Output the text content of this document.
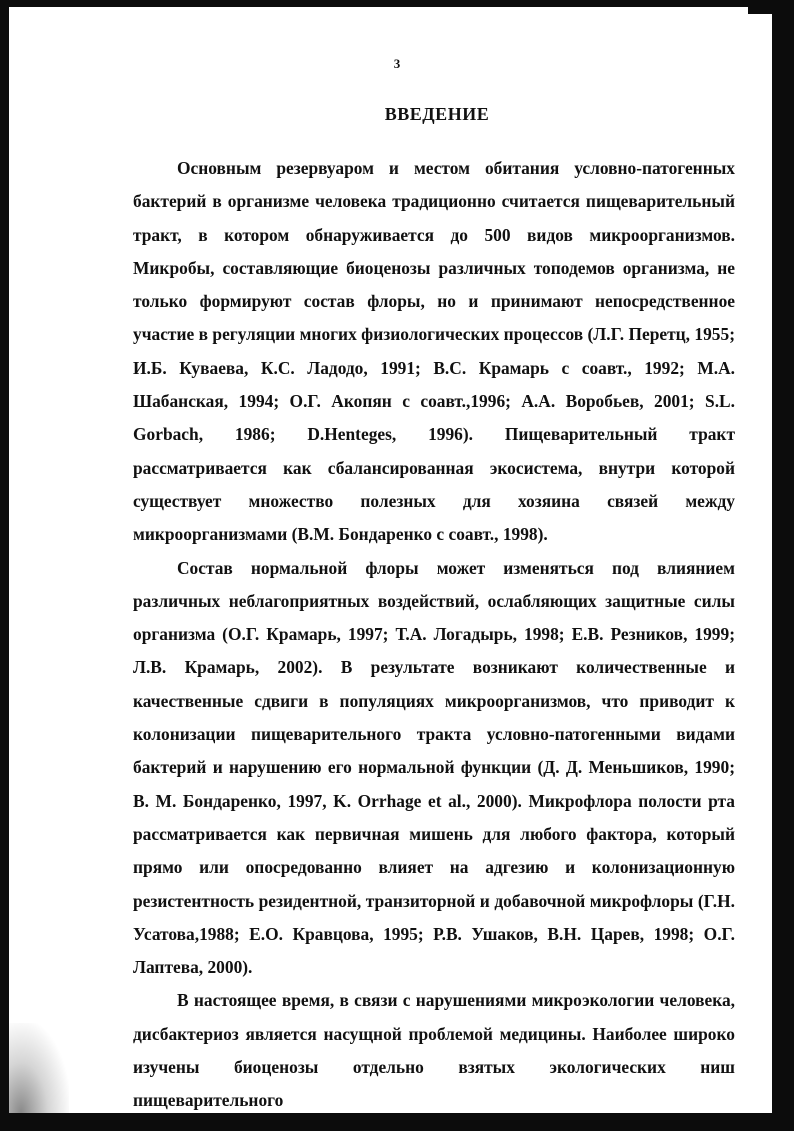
3
ВВЕДЕНИЕ

Основным резервуаром и местом обитания условно-патогенных бактерий в организме человека традиционно считается пищеварительный тракт, в котором обнаруживается до 500 видов микроорганизмов. Микробы, составляющие биоценозы различных топодемов организма, не только формируют состав флоры, но и принимают непосредственное участие в регуляции многих физиологических процессов (Л.Г. Перетц, 1955; И.Б. Куваева, К.С. Ладодо, 1991; В.С. Крамарь с соавт., 1992; М.А. Шабанская, 1994; О.Г. Акопян с соавт.,1996; А.А. Воробьев, 2001; S.L. Gorbach, 1986; D.Henteges, 1996). Пищеварительный тракт рассматривается как сбалансированная экосистема, внутри которой существует множество полезных для хозяина связей между микроорганизмами (В.М. Бондаренко с соавт., 1998).

Состав нормальной флоры может изменяться под влиянием различных неблагоприятных воздействий, ослабляющих защитные силы организма (О.Г. Крамарь, 1997; Т.А. Логадырь, 1998; Е.В. Резников, 1999; Л.В. Крамарь, 2002). В результате возникают количественные и качественные сдвиги в популяциях микроорганизмов, что приводит к колонизации пищеварительного тракта условно-патогенными видами бактерий и нарушению его нормальной функции (Д. Д. Меньшиков, 1990; В. М. Бондаренко, 1997, K. Orrhage et al., 2000). Микрофлора полости рта рассматривается как первичная мишень для любого фактора, который прямо или опосредованно влияет на адгезию и колонизационную резистентность резидентной, транзиторной и добавочной микрофлоры (Г.Н. Усатова,1988; Е.О. Кравцова, 1995; Р.В. Ушаков, В.Н. Царев, 1998; О.Г. Лаптева, 2000).

В настоящее время, в связи с нарушениями микроэкологии человека, дисбактериоз является насущной проблемой медицины. Наиболее широко изучены биоценозы отдельно взятых экологических ниш пищеварительного
